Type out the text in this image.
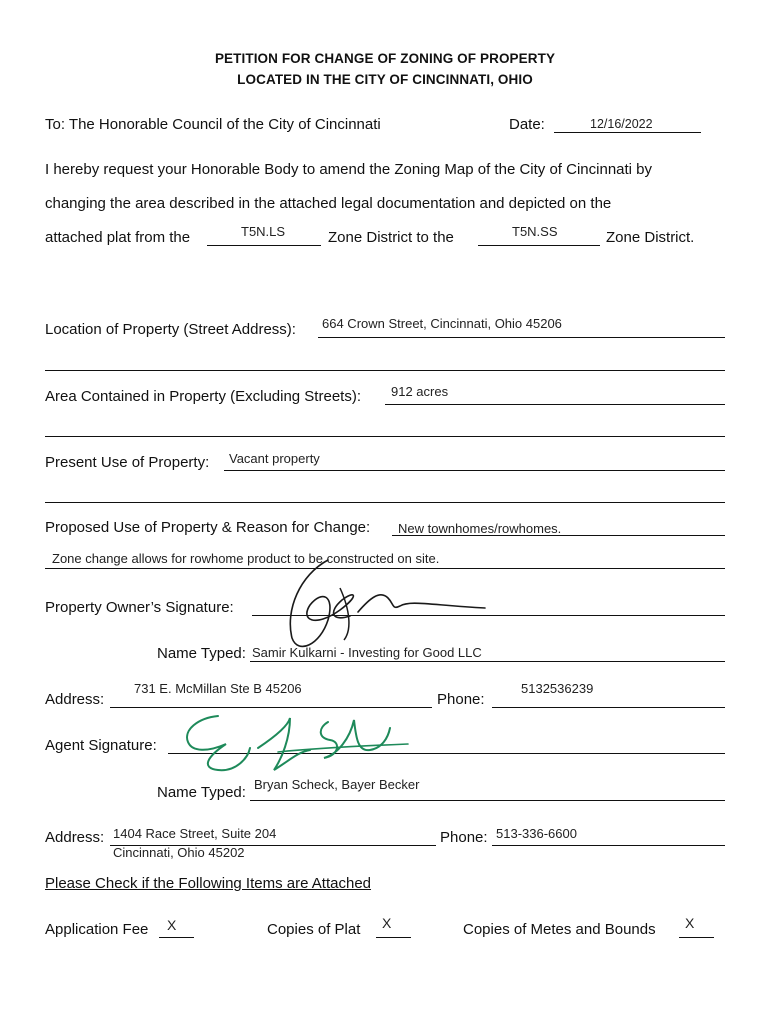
PETITION FOR CHANGE OF ZONING OF PROPERTY
LOCATED IN THE CITY OF CINCINNATI, OHIO
To: The Honorable Council of the City of Cincinnati	Date:	12/16/2022
I hereby request your Honorable Body to amend the Zoning Map of the City of Cincinnati by
changing the area described in the attached legal documentation and depicted on the
attached plat from the	T5N.LS	Zone District to the	T5N.SS	Zone District.
Location of Property (Street Address): 664 Crown Street, Cincinnati, Ohio 45206
Area Contained in Property (Excluding Streets): 912 acres
Present Use of Property: Vacant property
Proposed Use of Property & Reason for Change: New townhomes/rowhomes.
Zone change allows for rowhome product to be constructed on site.
Property Owner’s Signature:
Name Typed: Samir Kulkarni - Investing for Good LLC
Address:
731 E. McMillan Ste B 45206
Phone:
5132536239
Agent Signature:
Name Typed: Bryan Scheck, Bayer Becker
Address: 1404 Race Street, Suite 204
Cincinnati, Ohio 45202
Phone: 513-336-6600
Please Check if the Following Items are Attached
Application Fee X	Copies of Plat X	Copies of Metes and Bounds X
